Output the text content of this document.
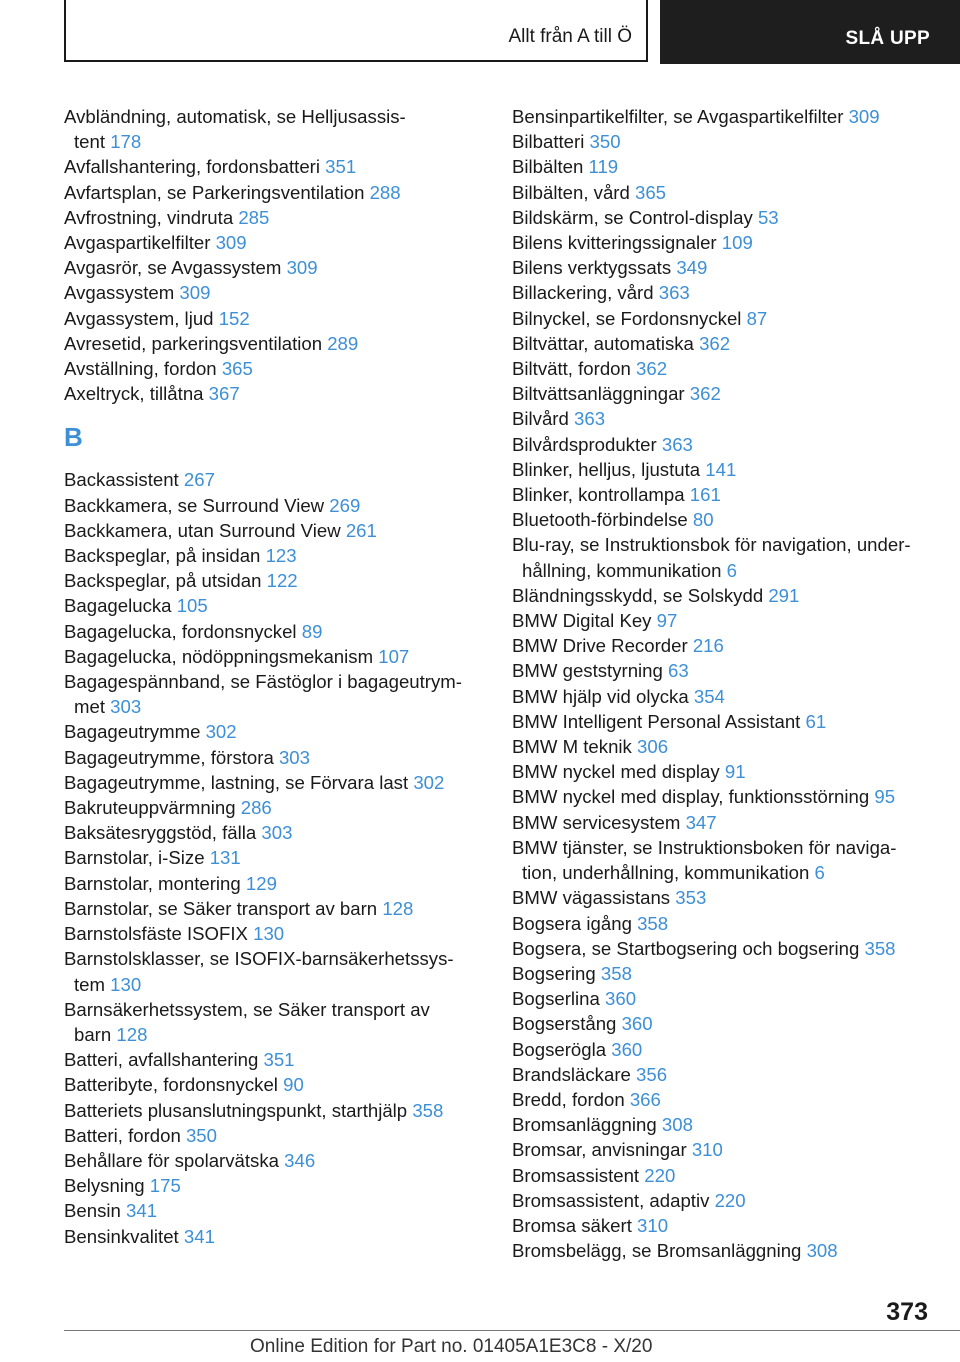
Allt från A till Ö	SLÅ UPP
Avbländning, automatisk, se Helljusassis-
tent 178
Avfallshantering, fordonsbatteri 351
Avfartsplan, se Parkeringsventilation 288
Avfrostning, vindruta 285
Avgaspartikelfilter 309
Avgasrör, se Avgassystem 309
Avgassystem 309
Avgassystem, ljud 152
Avresetid, parkeringsventilation 289
Avställning, fordon 365
Axeltryck, tillåtna 367
B
Backassistent 267
Backkamera, se Surround View 269
Backkamera, utan Surround View 261
Backspeglar, på insidan 123
Backspeglar, på utsidan 122
Bagagelucka 105
Bagagelucka, fordonsnyckel 89
Bagagelucka, nödöppningsmekanism 107
Bagagespännband, se Fästöglor i bagageutrym-
met 303
Bagageutrymme 302
Bagageutrymme, förstora 303
Bagageutrymme, lastning, se Förvara last 302
Bakruteuppvärmning 286
Baksätesryggstöd, fälla 303
Barnstolar, i-Size 131
Barnstolar, montering 129
Barnstolar, se Säker transport av barn 128
Barnstolsfäste ISOFIX 130
Barnstolsklasser, se ISOFIX-barnsäkerhetssys-
tem 130
Barnsäkerhetssystem, se Säker transport av
barn 128
Batteri, avfallshantering 351
Batteribyte, fordonsnyckel 90
Batteriets plusanslutningspunkt, starthjälp 358
Batteri, fordon 350
Behållare för spolarvätska 346
Belysning 175
Bensin 341
Bensinkvalitet 341
Bensinpartikelfilter, se Avgaspartikelfilter 309
Bilbatteri 350
Bilbälten 119
Bilbälten, vård 365
Bildskärm, se Control-display 53
Bilens kvitteringssignaler 109
Bilens verktygssats 349
Billackering, vård 363
Bilnyckel, se Fordonsnyckel 87
Biltvättar, automatiska 362
Biltvätt, fordon 362
Biltvättsanläggningar 362
Bilvård 363
Bilvårdsprodukter 363
Blinker, helljus, ljustuta 141
Blinker, kontrollampa 161
Bluetooth-förbindelse 80
Blu-ray, se Instruktionsbok för navigation, under-
hållning, kommunikation 6
Bländningsskydd, se Solskydd 291
BMW Digital Key 97
BMW Drive Recorder 216
BMW geststyrning 63
BMW hjälp vid olycka 354
BMW Intelligent Personal Assistant 61
BMW M teknik 306
BMW nyckel med display 91
BMW nyckel med display, funktionsstörning 95
BMW servicesystem 347
BMW tjänster, se Instruktionsboken för naviga-
tion, underhållning, kommunikation 6
BMW vägassistans 353
Bogsera igång 358
Bogsera, se Startbogsering och bogsering 358
Bogsering 358
Bogserlina 360
Bogserstång 360
Bogserögla 360
Brandsläckare 356
Bredd, fordon 366
Bromsanläggning 308
Bromsar, anvisningar 310
Bromsassistent 220
Bromsassistent, adaptiv 220
Bromsa säkert 310
Bromsbelägg, se Bromsanläggning 308
373
Online Edition for Part no. 01405A1E3C8 - X/20
